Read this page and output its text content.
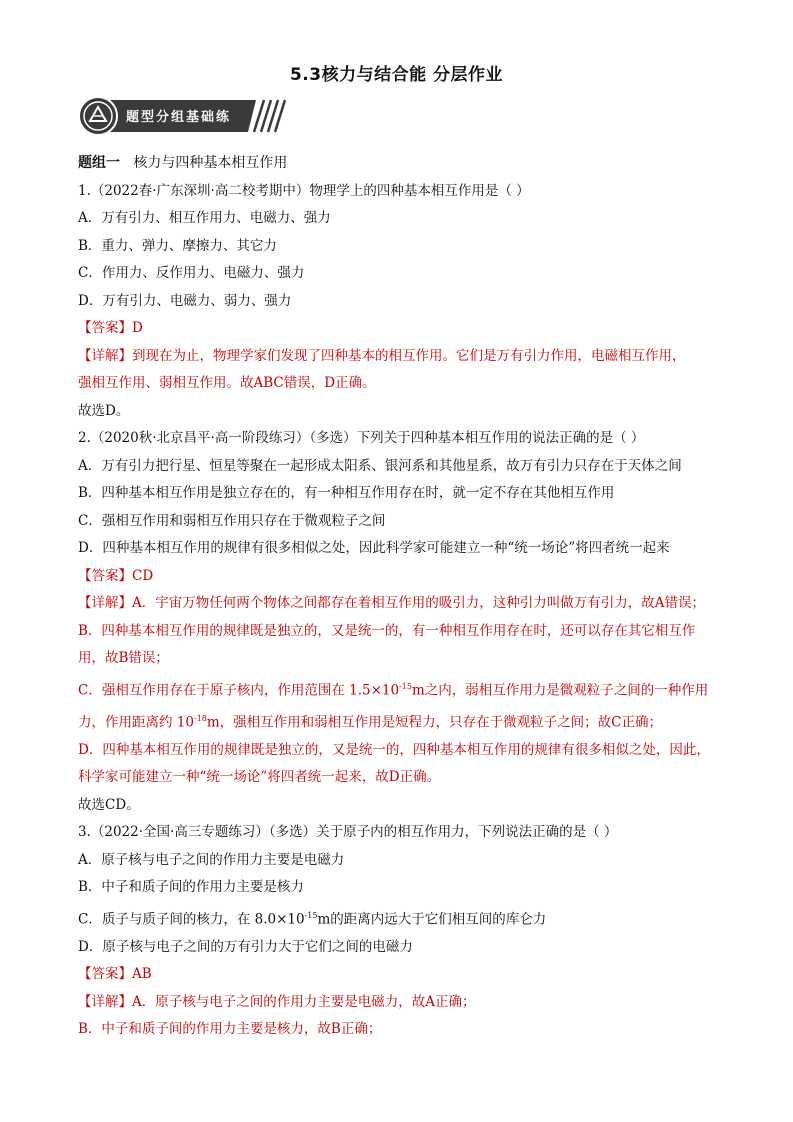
5.3核力与结合能 分层作业
题型分组基础练
题组一 核力与四种基本相互作用
1.（2022春·广东深圳·高二校考期中）物理学上的四种基本相互作用是（ ）
A．万有引力、相互作用力、电磁力、强力
B．重力、弹力、摩擦力、其它力
C．作用力、反作用力、电磁力、强力
D．万有引力、电磁力、弱力、强力
【答案】D
【详解】到现在为止，物理学家们发现了四种基本的相互作用。它们是万有引力作用，电磁相互作用，
强相互作用、弱相互作用。故ABC错误，D正确。
故选D。
2.（2020秋·北京昌平·高一阶段练习）（多选）下列关于四种基本相互作用的说法正确的是（ ）
A．万有引力把行星、恒星等聚在一起形成太阳系、银河系和其他星系，故万有引力只存在于天体之间
B．四种基本相互作用是独立存在的，有一种相互作用存在时，就一定不存在其他相互作用
C．强相互作用和弱相互作用只存在于微观粒子之间
D．四种基本相互作用的规律有很多相似之处，因此科学家可能建立一种“统一场论”将四者统一起来
【答案】CD
【详解】A．宇宙万物任何两个物体之间都存在着相互作用的吸引力，这种引力叫做万有引力，故A错误；
B．四种基本相互作用的规律既是独立的，又是统一的，有一种相互作用存在时，还可以存在其它相互作
用，故B错误；
C．强相互作用存在于原子核内，作用范围在 $1.5\times 10^{-15}m$之内，弱相互作用力是微观粒子之间的一种作用
力，作用距离约 $10^{-18}m$，强相互作用和弱相互作用是短程力，只存在于微观粒子之间；故C正确；
D．四种基本相互作用的规律既是独立的，又是统一的，四种基本相互作用的规律有很多相似之处，因此，
科学家可能建立一种“统一场论”将四者统一起来，故D正确。
故选CD。
3.（2022·全国·高三专题练习）（多选）关于原子内的相互作用力，下列说法正确的是（ ）
A．原子核与电子之间的作用力主要是电磁力
B．中子和质子间的作用力主要是核力
C．质子与质子间的核力，在 $8.0\times 10^{-15}m$的距离内远大于它们相互间的库仑力
D．原子核与电子之间的万有引力大于它们之间的电磁力
【答案】AB
【详解】A．原子核与电子之间的作用力主要是电磁力，故A正确；
B．中子和质子间的作用力主要是核力，故B正确；
